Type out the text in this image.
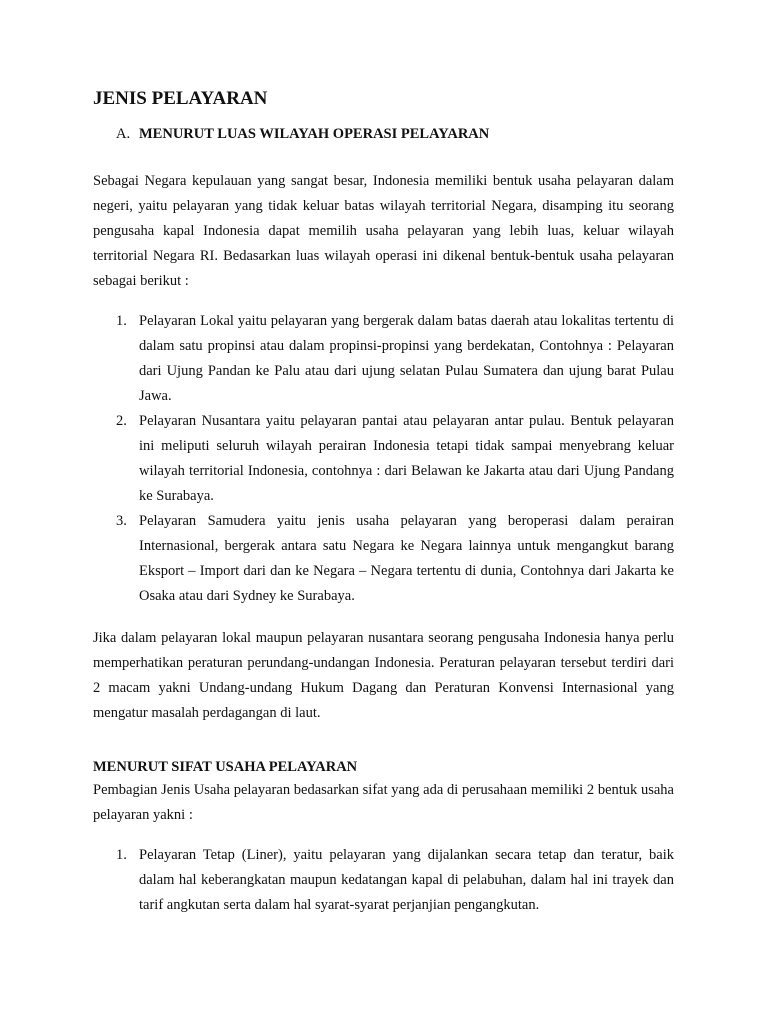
JENIS PELAYARAN
A. MENURUT LUAS WILAYAH OPERASI PELAYARAN

Sebagai Negara kepulauan yang sangat besar, Indonesia memiliki bentuk usaha pelayaran dalam negeri, yaitu pelayaran yang tidak keluar batas wilayah territorial Negara, disamping itu seorang pengusaha kapal Indonesia dapat memilih usaha pelayaran yang lebih luas, keluar wilayah territorial Negara RI. Bedasarkan luas wilayah operasi ini dikenal bentuk-bentuk usaha pelayaran sebagai berikut :

1. Pelayaran Lokal yaitu pelayaran yang bergerak dalam batas daerah atau lokalitas tertentu di dalam satu propinsi atau dalam propinsi-propinsi yang berdekatan, Contohnya : Pelayaran dari Ujung Pandan ke Palu atau dari ujung selatan Pulau Sumatera dan ujung barat Pulau Jawa.
2. Pelayaran Nusantara yaitu pelayaran pantai atau pelayaran antar pulau. Bentuk pelayaran ini meliputi seluruh wilayah perairan Indonesia tetapi tidak sampai menyebrang keluar wilayah territorial Indonesia, contohnya : dari Belawan ke Jakarta atau dari Ujung Pandang ke Surabaya.
3. Pelayaran Samudera yaitu jenis usaha pelayaran yang beroperasi dalam perairan Internasional, bergerak antara satu Negara ke Negara lainnya untuk mengangkut barang Eksport – Import dari dan ke Negara – Negara tertentu di dunia, Contohnya dari Jakarta ke Osaka atau dari Sydney ke Surabaya.

Jika dalam pelayaran lokal maupun pelayaran nusantara seorang pengusaha Indonesia hanya perlu memperhatikan peraturan perundang-undangan Indonesia. Peraturan pelayaran tersebut terdiri dari 2 macam yakni Undang-undang Hukum Dagang dan Peraturan Konvensi Internasional yang mengatur masalah perdagangan di laut.

MENURUT SIFAT USAHA PELAYARAN

Pembagian Jenis Usaha pelayaran bedasarkan sifat yang ada di perusahaan memiliki 2 bentuk usaha pelayaran yakni :

1. Pelayaran Tetap (Liner), yaitu pelayaran yang dijalankan secara tetap dan teratur, baik dalam hal keberangkatan maupun kedatangan kapal di pelabuhan, dalam hal ini trayek dan tarif angkutan serta dalam hal syarat-syarat perjanjian pengangkutan.
